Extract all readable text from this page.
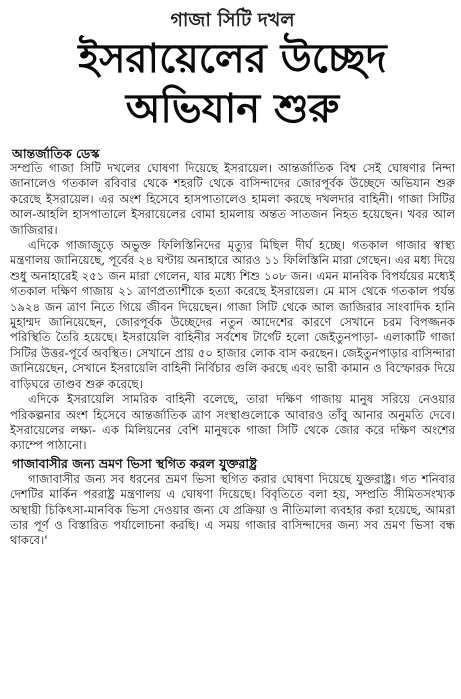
গাজা সিটি দখল
ইসরায়েলের উচ্ছেদ
অভিযান শুরু
আন্তর্জাতিক ডেস্ক

সম্প্রতি গাজা সিটি দখলের ঘোষণা দিয়েছে ইসরায়েল। আন্তর্জাতিক বিশ্ব সেই ঘোষণার নিন্দা জানালেও গতকাল রবিবার থেকে শহরটি থেকে বাসিন্দাদের জোরপূর্বক উচ্ছেদে অভিযান শুরু করেছে ইসরায়েল। এর অংশ হিসেবে হাসপাতালেও হামলা করছে দখলদার বাহিনী। গাজা সিটির আল-আহলি হাসপাতালে ইসরায়েলের বোমা হামলায় অন্তত সাতজন নিহত হয়েছেন। খবর আল জাজিরার।

এদিকে গাজাজুড়ে অভুক্ত ফিলিস্তিনিদের মৃত্যুর মিছিল দীর্ঘ হচ্ছে। গতকাল গাজার স্বাস্থ্য মন্ত্রণালয় জানিয়েছে, পূর্বের ২৪ ঘণ্টায় অনাহারে আরও ১১ ফিলিস্তিনি মারা গেছেন। এর মধ্য দিয়ে শুধু অনাহারেই ২৫১ জন মারা গেলেন, যার মধ্যে শিশু ১০৮ জন। এমন মানবিক বিপর্যয়ের মধ্যেই গতকাল দক্ষিণ গাজায় ২১ ত্রাণপ্রত্যাশীকে হত্যা করেছে ইসরায়েল। মে মাস থেকে গতকাল পর্যন্ত ১৯২৪ জন ত্রাণ নিতে গিয়ে জীবন দিয়েছেন। গাজা সিটি থেকে আল জাজিরার সাংবাদিক হানি মুহাম্মদ জানিয়েছেন, জোরপূর্বক উচ্ছেদের নতুন আদেশের কারণে সেখানে চরম বিপজ্জনক পরিস্থিতি তৈরি হয়েছে। ইসরায়েলি বাহিনীর সর্বশেষ টার্গেট হলো জেইতুনপাড়া- এলাকাটি গাজা সিটির উত্তর-পূর্বে অবস্থিত। সেখানে প্রায় ৫০ হাজার লোক বাস করছেন। জেইতুনপাড়ার বাসিন্দারা জানিয়েছেন, সেখানে ইসরায়েলি বাহিনী নির্বিচার গুলি করছে এবং ভারী কামান ও বিস্ফোরক দিয়ে বাড়িঘরে তাণ্ডব শুরু করেছে।

এদিকে ইসরায়েলি সামরিক বাহিনী বলেছে, তারা দক্ষিণ গাজায় মানুষ সরিয়ে নেওয়ার পরিকল্পনার অংশ হিসেবে আন্তর্জাতিক ত্রাণ সংস্থাগুলোকে আবারও তাঁবু আনার অনুমতি দেবে। ইসরায়েলের লক্ষ্য- এক মিলিয়নের বেশি মানুষকে গাজা সিটি থেকে জোর করে দক্ষিণ অংশের ক্যাম্পে পাঠানো।

গাজাবাসীর জন্য ভ্রমণ ভিসা স্থগিত করল যুক্তরাষ্ট্র

গাজাবাসীর জন্য সব ধরনের ভ্রমণ ভিসা স্থগিত করার ঘোষণা দিয়েছে যুক্তরাষ্ট্র। গত শনিবার দেশটির মার্কিন পররাষ্ট্র মন্ত্রণালয় এ ঘোষণা দিয়েছে। বিবৃতিতে বলা হয়, সম্প্রতি সীমিতসংখ্যক অস্থায়ী চিকিৎসা-মানবিক ভিসা দেওয়ার জন্য যে প্রক্রিয়া ও নীতিমালা ব্যবহার করা হয়েছে, আমরা তার পূর্ণ ও বিস্তারিত পর্যালোচনা করছি। এ সময় গাজার বাসিন্দাদের জন্য সব ভ্রমণ ভিসা বন্ধ থাকবে।'
